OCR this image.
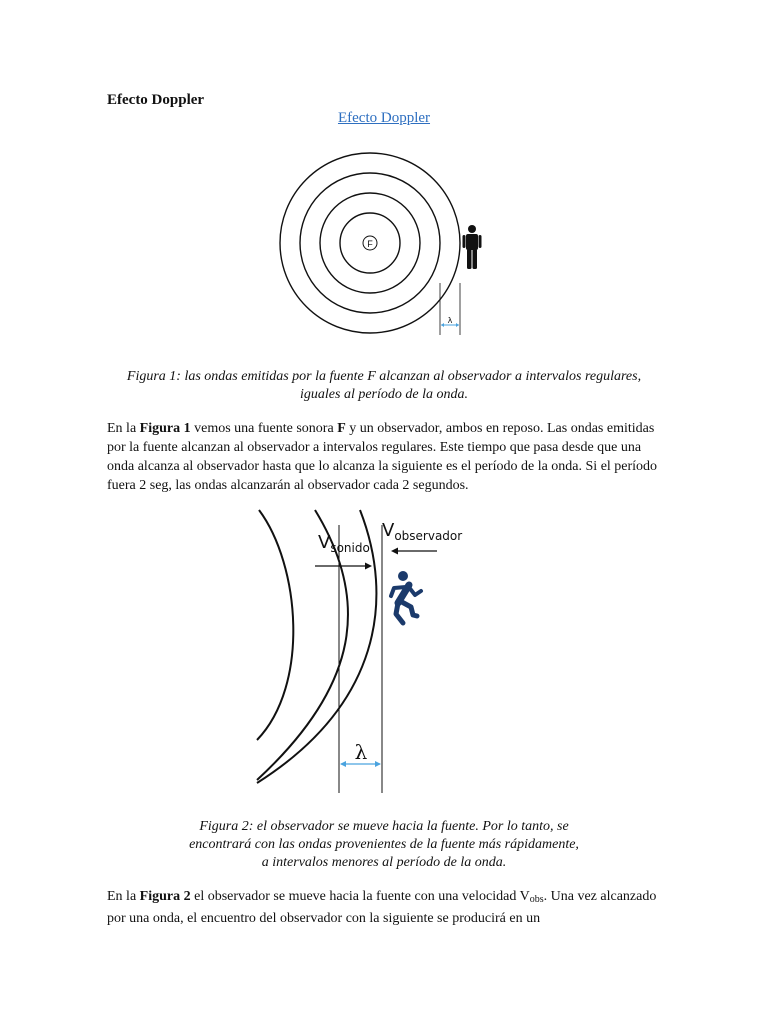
Efecto Doppler
Efecto Doppler
F
λ
Figura 1: las ondas emitidas por la fuente F alcanzan al observador a intervalos regulares,
iguales al período de la onda.
En la Figura 1 vemos una fuente sonora F y un observador, ambos en reposo. Las ondas emitidas por la fuente alcanzan al observador a intervalos regulares. Este tiempo que pasa desde que una onda alcanza al observador hasta que lo alcanza la siguiente es el período de la onda. Si el período fuera 2 seg, las ondas alcanzarán al observador cada 2 segundos.
$V_{sonido}$
$V_{observador}$
λ
Figura 2: el observador se mueve hacia la fuente. Por lo tanto, se
encontrará con las ondas provenientes de la fuente más rápidamente,
a intervalos menores al período de la onda.
En la Figura 2 el observador se mueve hacia la fuente con una velocidad $V_{obs}$. Una vez alcanzado por una onda, el encuentro del observador con la siguiente se producirá en un
